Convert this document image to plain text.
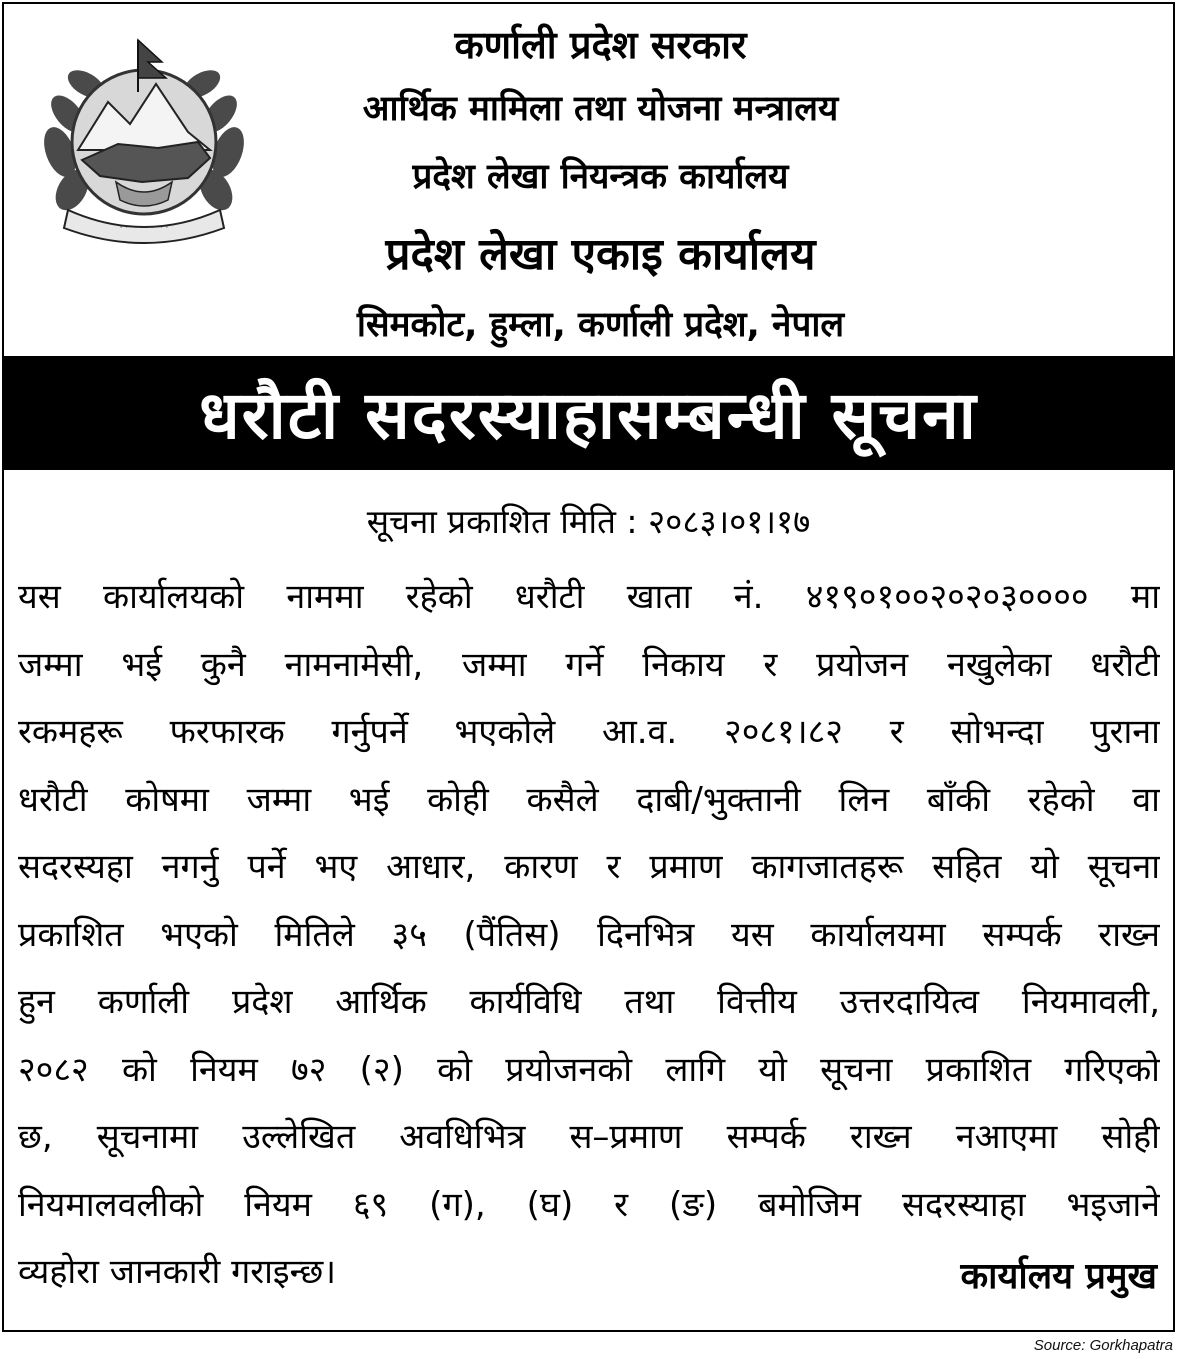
· · · · · · · · ·
कर्णाली प्रदेश सरकार
आर्थिक मामिला तथा योजना मन्त्रालय
प्रदेश लेखा नियन्त्रक कार्यालय
प्रदेश लेखा एकाइ कार्यालय
सिमकोट, हुम्ला, कर्णाली प्रदेश, नेपाल
धरौटी सदरस्याहासम्बन्धी सूचना
सूचना प्रकाशित मिति : २०८३।०१।१७
यस कार्यालयको नाममा रहेको धरौटी खाता नं. ४१९०१००२०२०३०००० मा
जम्मा भई कुनै नामनामेसी, जम्मा गर्ने निकाय र प्रयोजन नखुलेका धरौटी
रकमहरू फरफारक गर्नुपर्ने भएकोले आ.व. २०८१।८२ र सोभन्दा पुराना
धरौटी कोषमा जम्मा भई कोही कसैले दाबी/भुक्तानी लिन बाँकी रहेको वा
सदरस्यहा नगर्नु पर्ने भए आधार, कारण र प्रमाण कागजातहरू सहित यो सूचना
प्रकाशित भएको मितिले ३५ (पैंतिस) दिनभित्र यस कार्यालयमा सम्पर्क राख्न
हुन कर्णाली प्रदेश आर्थिक कार्यविधि तथा वित्तीय उत्तरदायित्व नियमावली,
२०८२ को नियम ७२ (२) को प्रयोजनको लागि यो सूचना प्रकाशित गरिएको
छ, सूचनामा उल्लेखित अवधिभित्र स–प्रमाण सम्पर्क राख्न नआएमा सोही
नियमालवलीको नियम ६९ (ग), (घ) र (ङ) बमोजिम सदरस्याहा भइजाने
व्यहोरा जानकारी गराइन्छ।	कार्यालय प्रमुख
Source: Gorkhapatra
